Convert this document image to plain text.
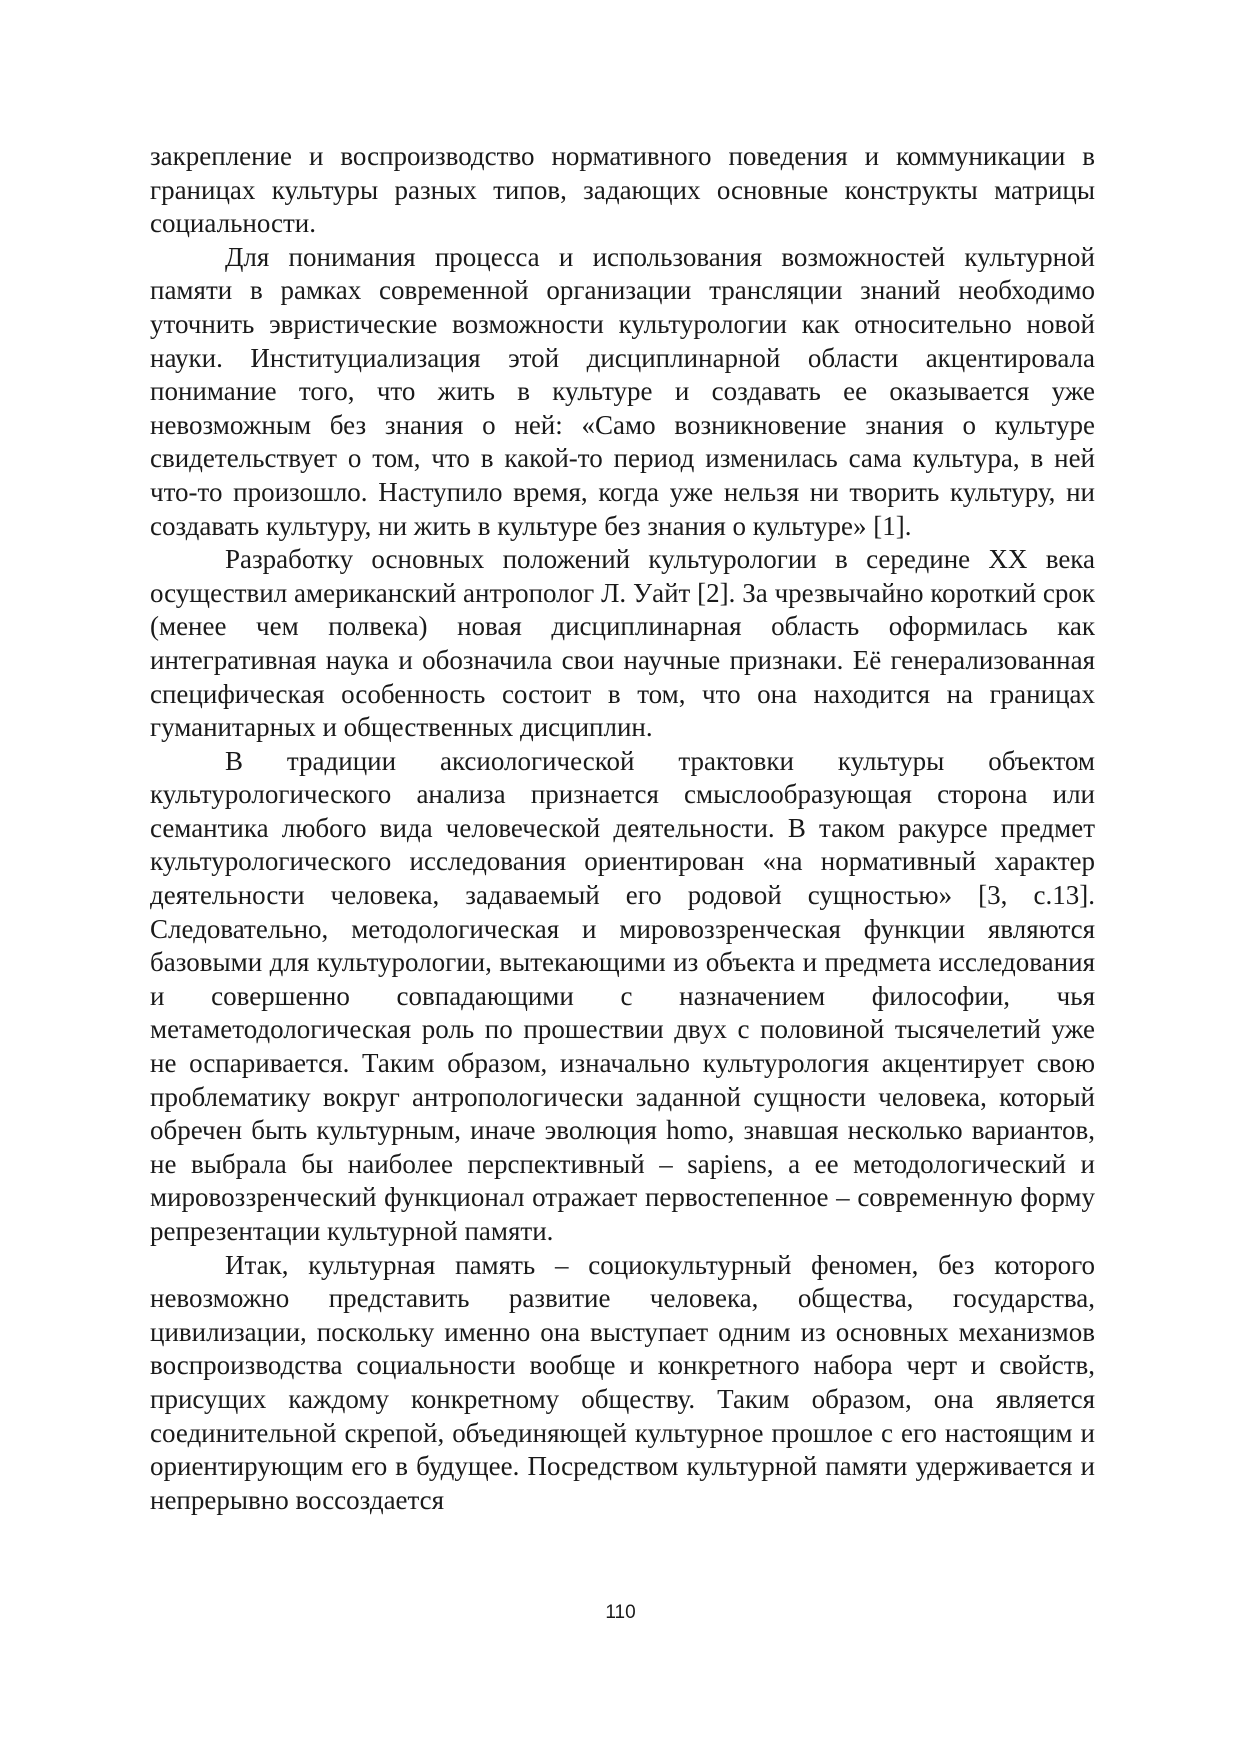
закрепление и воспроизводство нормативного поведения и коммуникации в границах культуры разных типов, задающих основные конструкты матрицы социальности.

Для понимания процесса и использования возможностей культурной памяти в рамках современной организации трансляции знаний необходимо уточнить эвристические возможности культурологии как относительно новой науки. Институциализация этой дисциплинарной области акцентировала понимание того, что жить в культуре и создавать ее оказывается уже невозможным без знания о ней: «Само возникновение знания о культуре свидетельствует о том, что в какой-то период изменилась сама культура, в ней что-то произошло. Наступило время, когда уже нельзя ни творить культуру, ни создавать культуру, ни жить в культуре без знания о культуре» [1].

Разработку основных положений культурологии в середине XX века осуществил американский антрополог Л. Уайт [2]. За чрезвычайно короткий срок (менее чем полвека) новая дисциплинарная область оформилась как интегративная наука и обозначила свои научные признаки. Её генерализованная специфическая особенность состоит в том, что она находится на границах гуманитарных и общественных дисциплин.

В традиции аксиологической трактовки культуры объектом культурологического анализа признается смыслообразующая сторона или семантика любого вида человеческой деятельности. В таком ракурсе предмет культурологического исследования ориентирован «на нормативный характер деятельности человека, задаваемый его родовой сущностью» [3, с.13]. Следовательно, методологическая и мировоззренческая функции являются базовыми для культурологии, вытекающими из объекта и предмета исследования и совершенно совпадающими с назначением философии, чья метаметодологическая роль по прошествии двух с половиной тысячелетий уже не оспаривается. Таким образом, изначально культурология акцентирует свою проблематику вокруг антропологически заданной сущности человека, который обречен быть культурным, иначе эволюция homo, знавшая несколько вариантов, не выбрала бы наиболее перспективный – sapiens, а ее методологический и мировоззренческий функционал отражает первостепенное – современную форму репрезентации культурной памяти.

Итак, культурная память – социокультурный феномен, без которого невозможно представить развитие человека, общества, государства, цивилизации, поскольку именно она выступает одним из основных механизмов воспроизводства социальности вообще и конкретного набора черт и свойств, присущих каждому конкретному обществу. Таким образом, она является соединительной скрепой, объединяющей культурное прошлое с его настоящим и ориентирующим его в будущее. Посредством культурной памяти удерживается и непрерывно воссоздается

110
